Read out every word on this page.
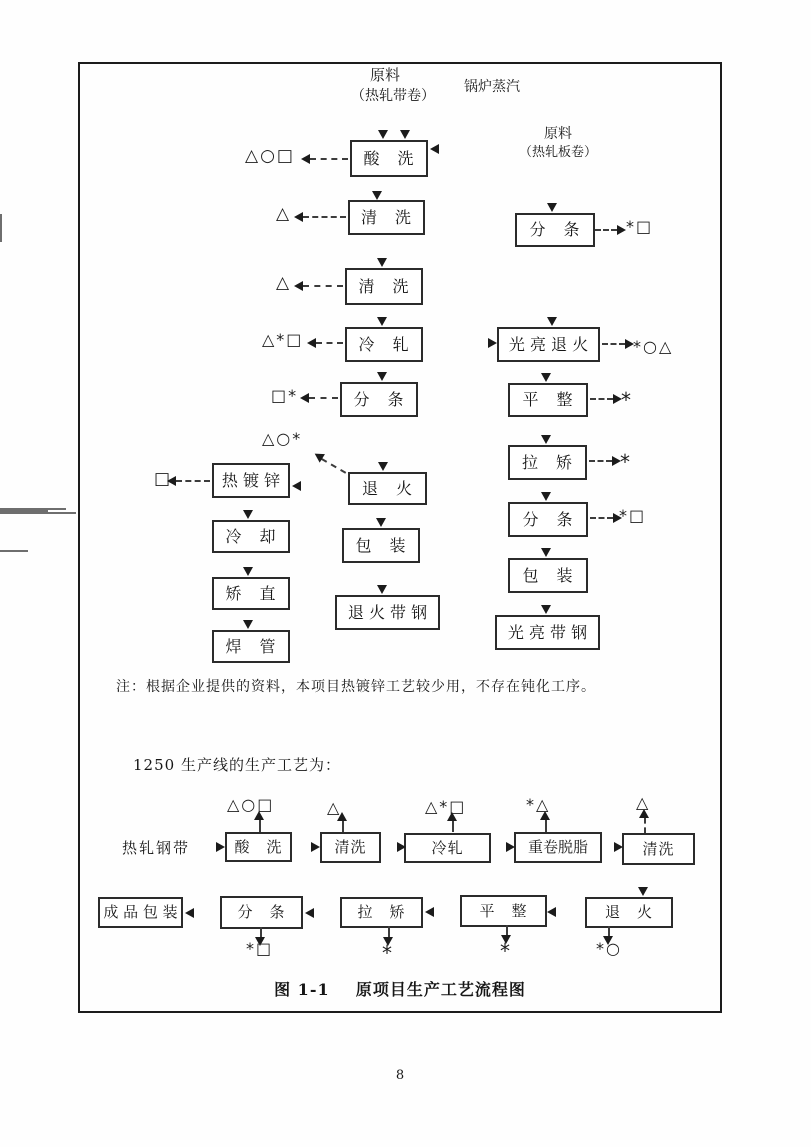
原料
（热轧带卷）
锅炉蒸汽
原料
（热轧板卷）
酸　洗
清　洗
清　洗
冷　轧
分　条
退　火
包　装
退 火 带 钢
热 镀 锌
冷　却
矫　直
焊　管
分　条
光 亮 退 火
平　整
拉　矫
分　条
包　装
光 亮 带 钢
△○□
△
△
△*□
□*
△○*
□
*□
*○△
*
*
*□
注：根据企业提供的资料，本项目热镀锌工艺较少用，不存在钝化工序。
1250 生产线的生产工艺为：
热轧钢带	酸　洗	清洗	冷轧	重卷脱脂	清洗
△○□	△	△*□	*△	△
退　火
平　整
拉　矫
分　条
成 品 包 装
*○
*
*
*□
图 1-1    原项目生产工艺流程图
8
